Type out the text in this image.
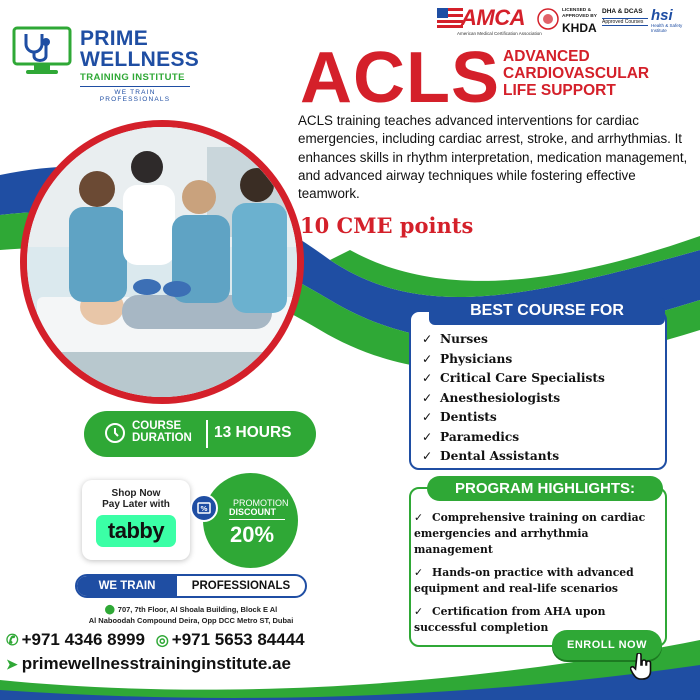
PRIME
WELLNESS
TRAINING INSTITUTE
WE TRAIN PROFESSIONALS
AMCA
American Medical Certification Association
LICENSED & APPROVED BY
KHDA
DHA & DCAS
Approved Courses hsi
Health & Safety Institute
ACLS ADVANCED
CARDIOVASCULAR
LIFE SUPPORT
ACLS training teaches advanced interventions for cardiac emergencies, including cardiac arrest, stroke, and arrhythmias. It enhances skills in rhythm interpretation, medication management, and advanced airway techniques while fostering effective teamwork.
10 CME points
BEST COURSE FOR
✓ Nurses
✓ Physicians
✓ Critical Care Specialists
✓ Anesthesiologists
✓ Dentists
✓ Paramedics
✓ Dental Assistants
PROGRAM HIGHLIGHTS:
✓ Comprehensive training on cardiac emergencies and arrhythmia management
✓ Hands-on practice with advanced equipment and real-life scenarios
✓ Certification from AHA upon successful completion
ENROLL NOW
COURSE
DURATION 13 HOURS
Shop Now
Pay Later with
tabby
PROMOTION
DISCOUNT
20%
%
WE TRAIN	PROFESSIONALS
⬤ 707, 7th Floor, Al Shoala Building, Block E Al
Al Naboodah Compound Deira, Opp DCC Metro ST, Dubai
✆ +971 4346 8999 ◎ +971 5653 84444
➤ primewellnesstraininginstitute.ae
